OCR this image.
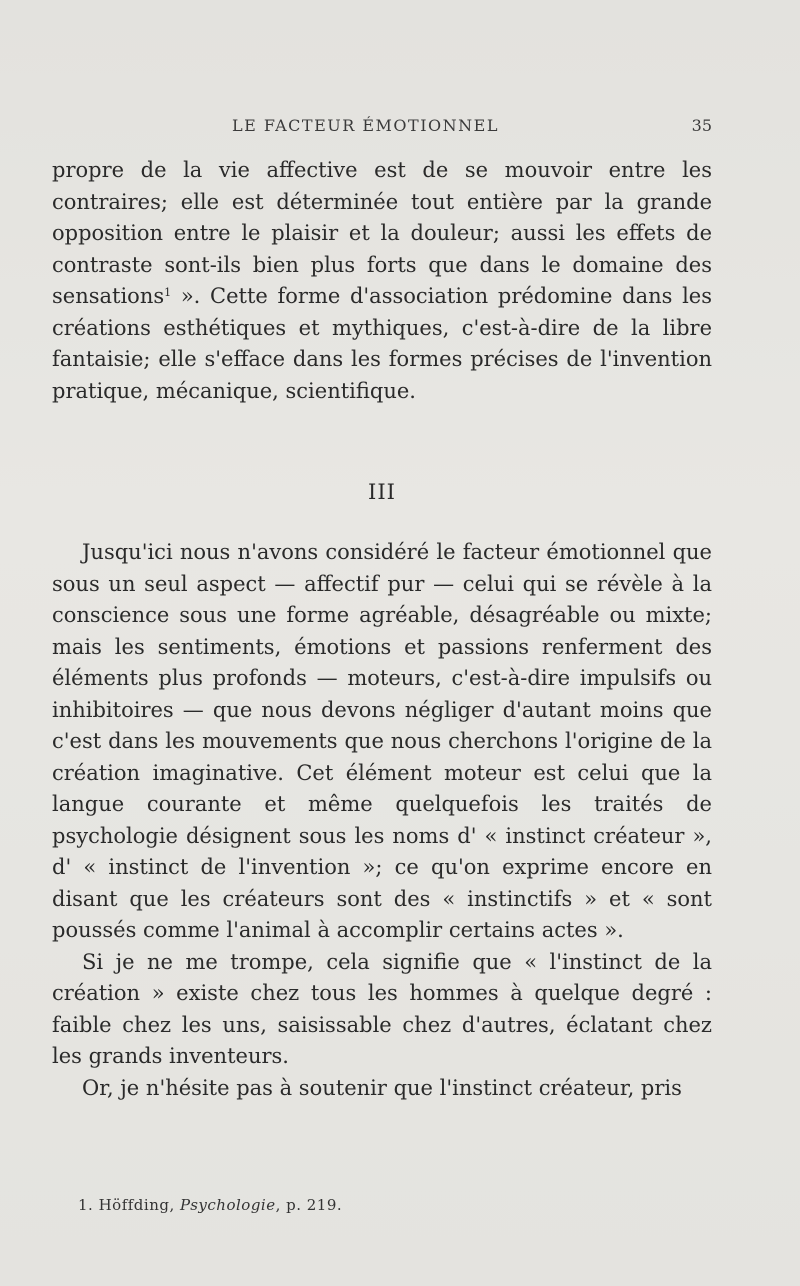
LE FACTEUR ÉMOTIONNEL	35

propre de la vie affective est de se mouvoir entre les contraires; elle est déterminée tout entière par la grande opposition entre le plaisir et la douleur; aussi les effets de contraste sont-ils bien plus forts que dans le domaine des sensations$^1$ ». Cette forme d'association prédomine dans les créations esthétiques et mythiques, c'est-à-dire de la libre fantaisie; elle s'efface dans les formes précises de l'invention pratique, mécanique, scientifique.

III

Jusqu'ici nous n'avons considéré le facteur émotionnel que sous un seul aspect — affectif pur — celui qui se révèle à la conscience sous une forme agréable, désagréable ou mixte; mais les sentiments, émotions et passions renferment des éléments plus profonds — moteurs, c'est-à-dire impulsifs ou inhibitoires — que nous devons négliger d'autant moins que c'est dans les mouvements que nous cherchons l'origine de la création imaginative. Cet élément moteur est celui que la langue courante et même quelquefois les traités de psychologie désignent sous les noms d' « instinct créateur », d' « instinct de l'invention »; ce qu'on exprime encore en disant que les créateurs sont des « instinctifs » et « sont poussés comme l'animal à accomplir certains actes ».

Si je ne me trompe, cela signifie que « l'instinct de la création » existe chez tous les hommes à quelque degré : faible chez les uns, saisissable chez d'autres, éclatant chez les grands inventeurs.

Or, je n'hésite pas à soutenir que l'instinct créateur, pris

1. Höffding, Psychologie, p. 219.
